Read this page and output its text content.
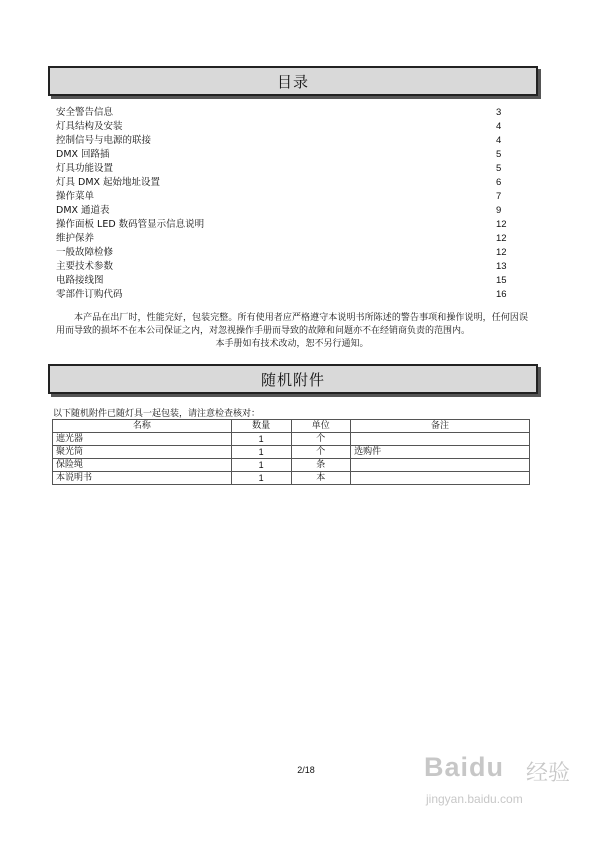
目录
安全警告信息	3
灯具结构及安装	4
控制信号与电源的联接	4
DMX 回路插	5
灯具功能设置	5
灯具 DMX 起始地址设置	6
操作菜单	7
DMX 通道表	9
操作面板 LED 数码管显示信息说明	12
维护保养	12
一般故障检修	12
主要技术参数	13
电路接线图	15
零部件订购代码	16

本产品在出厂时，性能完好，包装完整。所有使用者应严格遵守本说明书所陈述的警告事项和操作说明，任何因误用而导致的损坏不在本公司保证之内，对忽视操作手册而导致的故障和问题亦不在经销商负责的范围内。

本手册如有技术改动，恕不另行通知。

随机附件
以下随机附件已随灯具一起包装，请注意检查核对：
名称	数量	单位	备注
遮光器	1	个	
聚光筒	1	个	选购件
保险绳	1	条	
本说明书	1	本	
2/18	Baidu 经验
jingyan.baidu.com
